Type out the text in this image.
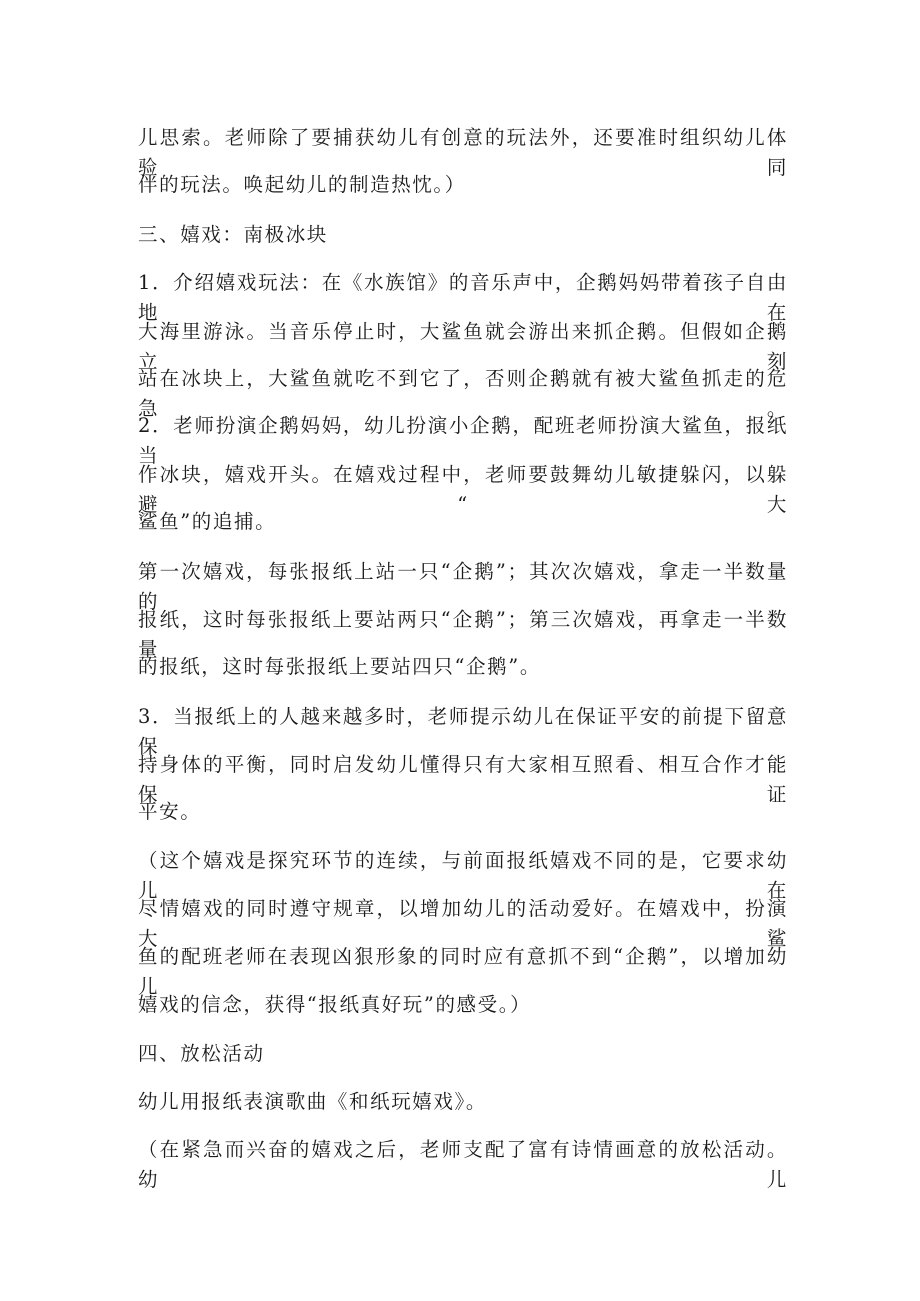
儿思索。老师除了要捕获幼儿有创意的玩法外，还要准时组织幼儿体验同
伴的玩法。唤起幼儿的制造热忱。）
三、嬉戏：南极冰块
1．介绍嬉戏玩法：在《水族馆》的音乐声中，企鹅妈妈带着孩子自由地在
大海里游泳。当音乐停止时，大鲨鱼就会游出来抓企鹅。但假如企鹅立刻
站在冰块上，大鲨鱼就吃不到它了，否则企鹅就有被大鲨鱼抓走的危急。
2．老师扮演企鹅妈妈，幼儿扮演小企鹅，配班老师扮演大鲨鱼，报纸当
作冰块，嬉戏开头。在嬉戏过程中，老师要鼓舞幼儿敏捷躲闪，以躲避“大
鲨鱼”的追捕。
第一次嬉戏，每张报纸上站一只“企鹅”；其次次嬉戏，拿走一半数量的
报纸，这时每张报纸上要站两只“企鹅”；第三次嬉戏，再拿走一半数量
的报纸，这时每张报纸上要站四只“企鹅”。
3．当报纸上的人越来越多时，老师提示幼儿在保证平安的前提下留意保
持身体的平衡，同时启发幼儿懂得只有大家相互照看、相互合作才能保证
平安。
（这个嬉戏是探究环节的连续，与前面报纸嬉戏不同的是，它要求幼儿在
尽情嬉戏的同时遵守规章，以增加幼儿的活动爱好。在嬉戏中，扮演大鲨
鱼的配班老师在表现凶狠形象的同时应有意抓不到“企鹅”，以增加幼儿
嬉戏的信念，获得“报纸真好玩”的感受。）
四、放松活动
幼儿用报纸表演歌曲《和纸玩嬉戏》。
（在紧急而兴奋的嬉戏之后，老师支配了富有诗情画意的放松活动。幼儿
